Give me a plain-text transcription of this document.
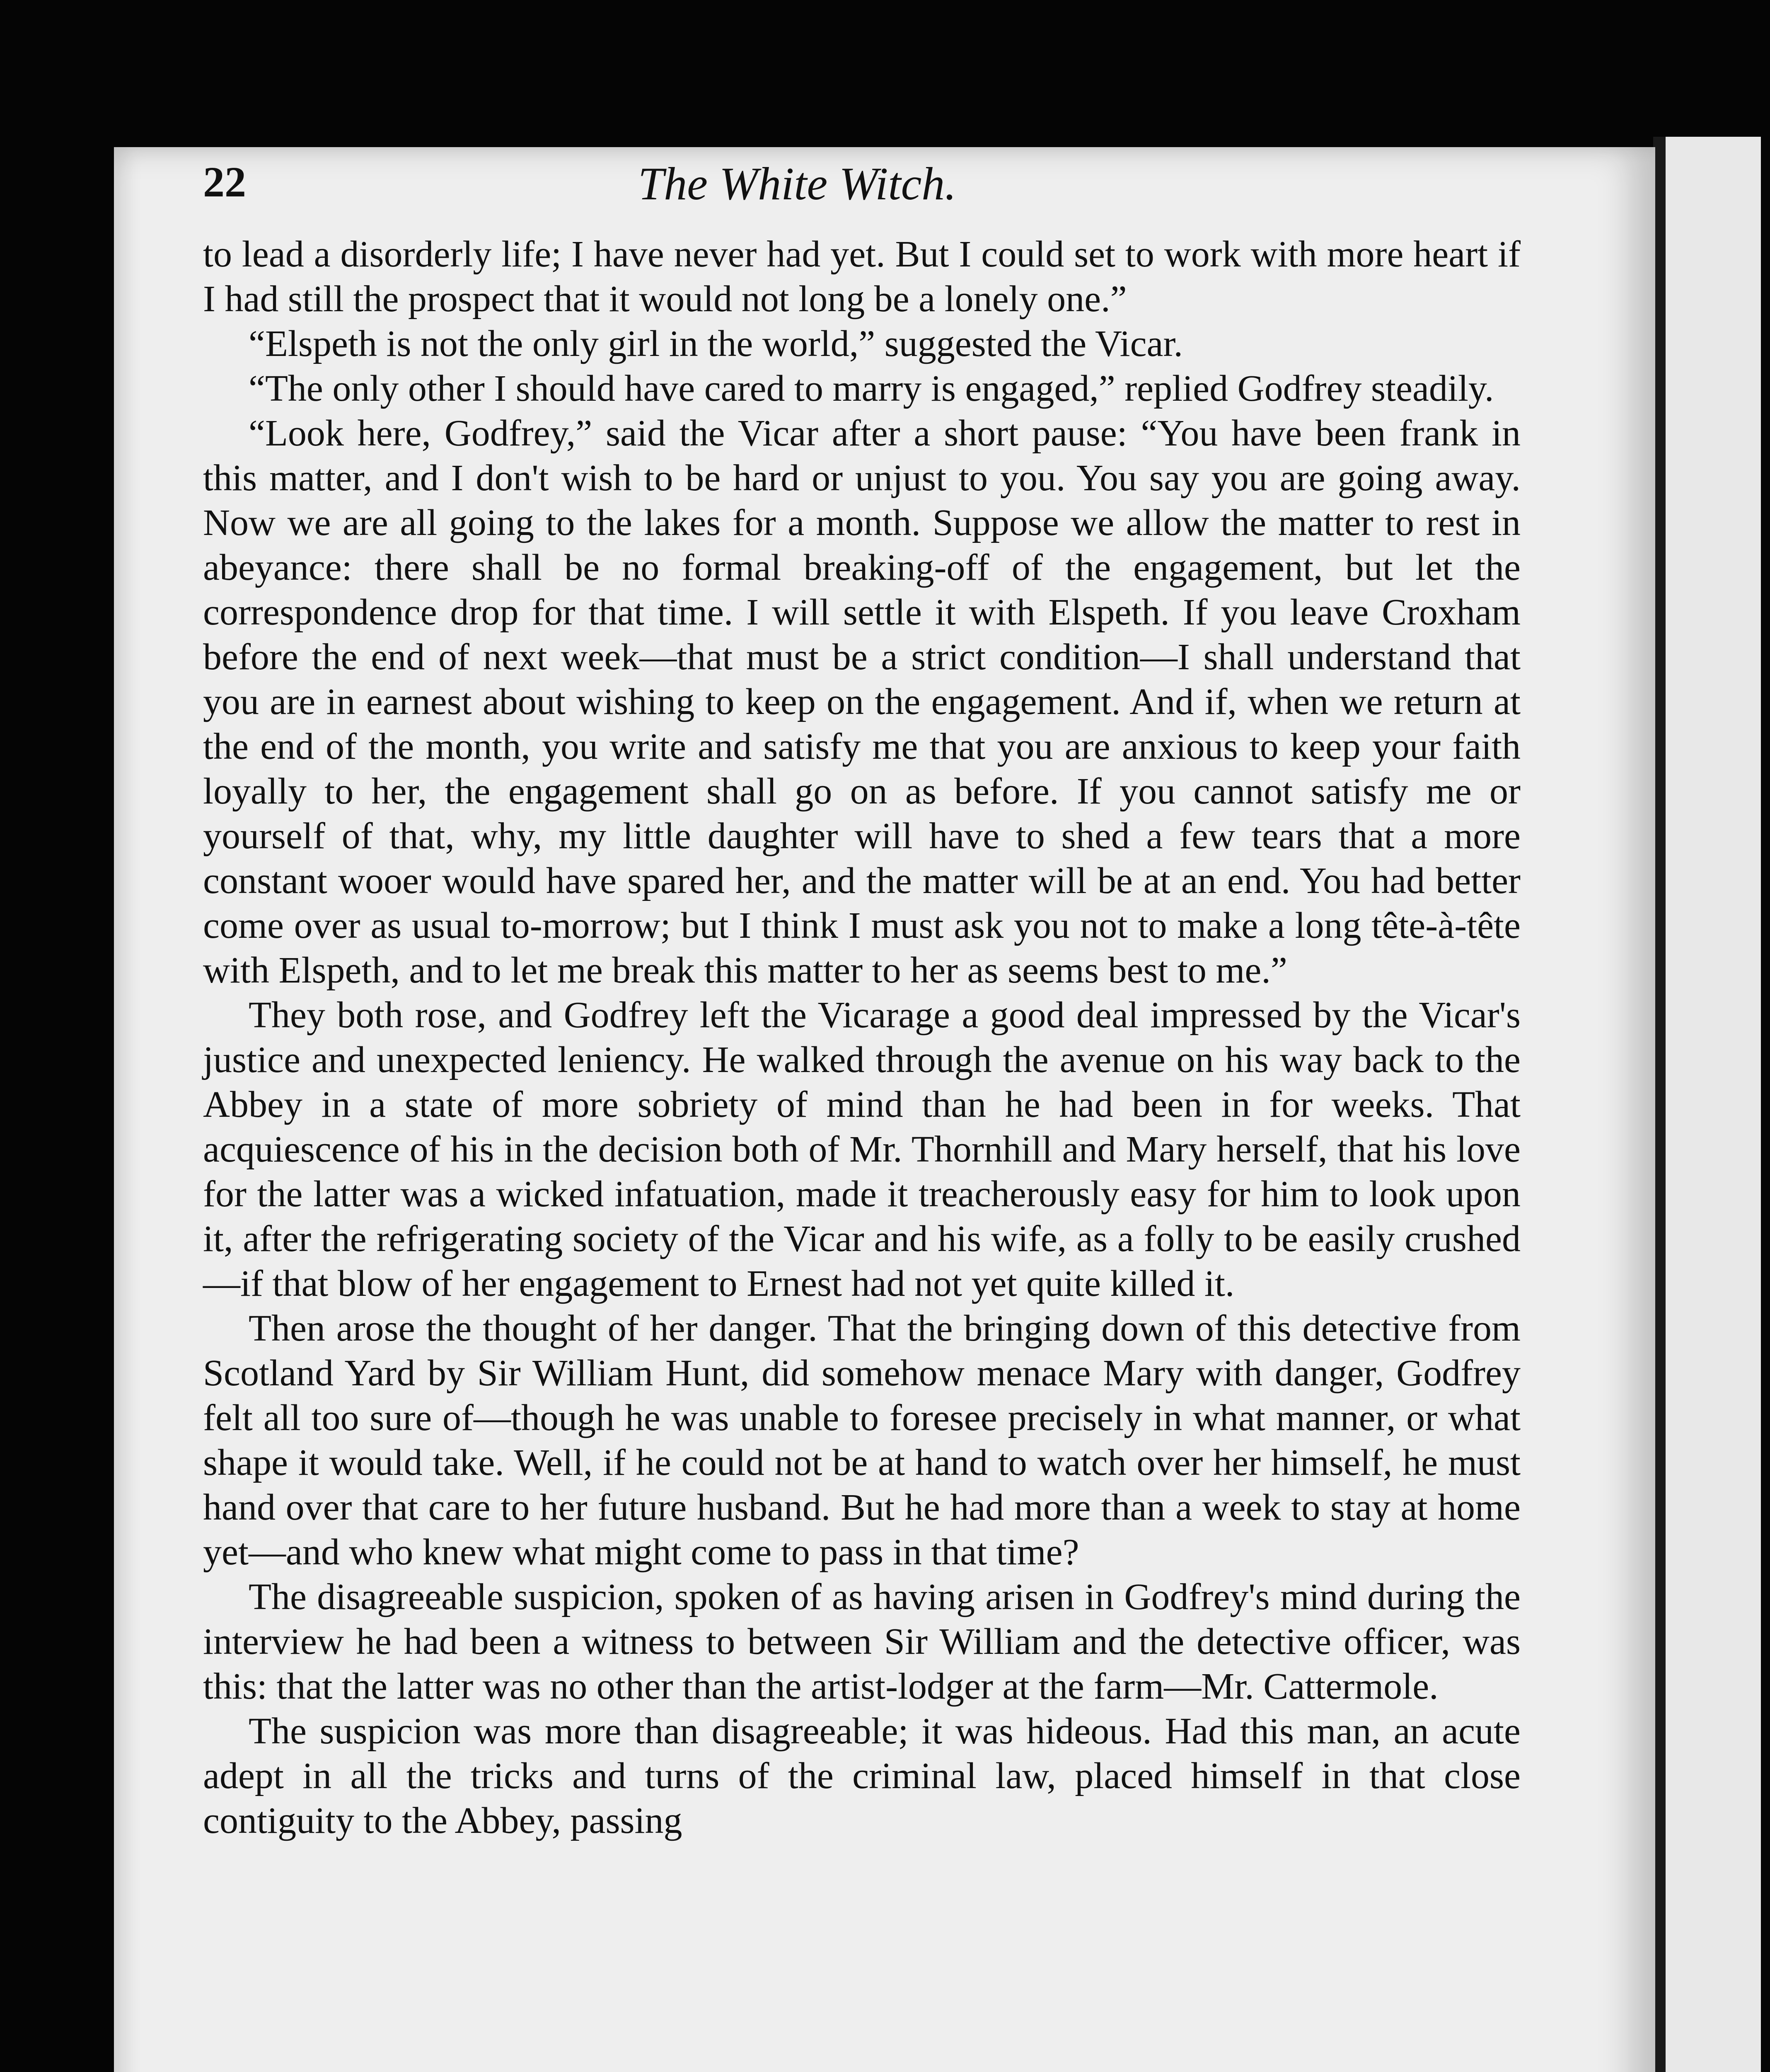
22	The White Witch.

to lead a disorderly life; I have never had yet. But I could set to work with more heart if I had still the prospect that it would not long be a lonely one.”

“Elspeth is not the only girl in the world,” suggested the Vicar.

“The only other I should have cared to marry is engaged,” replied Godfrey steadily.

“Look here, Godfrey,” said the Vicar after a short pause: “You have been frank in this matter, and I don't wish to be hard or unjust to you. You say you are going away. Now we are all going to the lakes for a month. Suppose we allow the matter to rest in abeyance: there shall be no formal breaking-off of the engagement, but let the correspondence drop for that time. I will settle it with Elspeth. If you leave Croxham before the end of next week—that must be a strict condition—I shall understand that you are in earnest about wishing to keep on the engagement. And if, when we return at the end of the month, you write and satisfy me that you are anxious to keep your faith loyally to her, the engagement shall go on as before. If you cannot satisfy me or yourself of that, why, my little daughter will have to shed a few tears that a more constant wooer would have spared her, and the matter will be at an end. You had better come over as usual to-morrow; but I think I must ask you not to make a long tête-à-tête with Elspeth, and to let me break this matter to her as seems best to me.”

They both rose, and Godfrey left the Vicarage a good deal impressed by the Vicar's justice and unexpected leniency. He walked through the avenue on his way back to the Abbey in a state of more sobriety of mind than he had been in for weeks. That acquiescence of his in the decision both of Mr. Thornhill and Mary herself, that his love for the latter was a wicked infatuation, made it treacherously easy for him to look upon it, after the refrigerating society of the Vicar and his wife, as a folly to be easily crushed—if that blow of her engagement to Ernest had not yet quite killed it.

Then arose the thought of her danger. That the bringing down of this detective from Scotland Yard by Sir William Hunt, did somehow menace Mary with danger, Godfrey felt all too sure of—though he was unable to foresee precisely in what manner, or what shape it would take. Well, if he could not be at hand to watch over her himself, he must hand over that care to her future husband. But he had more than a week to stay at home yet—and who knew what might come to pass in that time?

The disagreeable suspicion, spoken of as having arisen in Godfrey's mind during the interview he had been a witness to between Sir William and the detective officer, was this: that the latter was no other than the artist-lodger at the farm—Mr. Cattermole.

The suspicion was more than disagreeable; it was hideous. Had this man, an acute adept in all the tricks and turns of the criminal law, placed himself in that close contiguity to the Abbey, passing
